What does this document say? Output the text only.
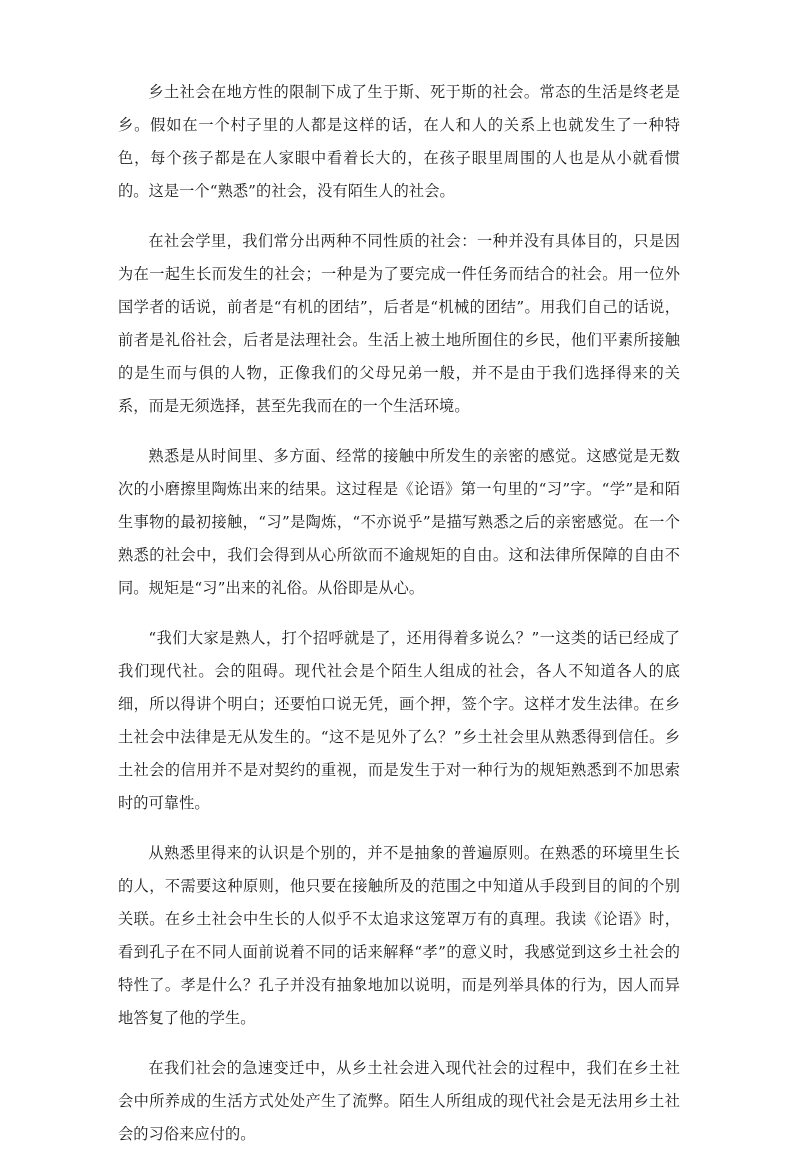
乡土社会在地方性的限制下成了生于斯、死于斯的社会。常态的生活是终老是乡。假如在一个村子里的人都是这样的话，在人和人的关系上也就发生了一种特色，每个孩子都是在人家眼中看着长大的，在孩子眼里周围的人也是从小就看惯的。这是一个“熟悉”的社会，没有陌生人的社会。

在社会学里，我们常分出两种不同性质的社会：一种并没有具体目的，只是因为在一起生长而发生的社会；一种是为了要完成一件任务而结合的社会。用一位外国学者的话说，前者是“有机的团结”，后者是“机械的团结”。用我们自己的话说，前者是礼俗社会，后者是法理社会。生活上被土地所囿住的乡民，他们平素所接触的是生而与俱的人物，正像我们的父母兄弟一般，并不是由于我们选择得来的关系，而是无须选择，甚至先我而在的一个生活环境。

熟悉是从时间里、多方面、经常的接触中所发生的亲密的感觉。这感觉是无数次的小磨擦里陶炼出来的结果。这过程是《论语》第一句里的“习”字。“学”是和陌生事物的最初接触，“习”是陶炼，“不亦说乎”是描写熟悉之后的亲密感觉。在一个熟悉的社会中，我们会得到从心所欲而不逾规矩的自由。这和法律所保障的自由不同。规矩是“习”出来的礼俗。从俗即是从心。

“我们大家是熟人，打个招呼就是了，还用得着多说么？”一这类的话已经成了我们现代社。会的阻碍。现代社会是个陌生人组成的社会，各人不知道各人的底细，所以得讲个明白；还要怕口说无凭，画个押，签个字。这样才发生法律。在乡土社会中法律是无从发生的。“这不是见外了么？”乡土社会里从熟悉得到信任。乡土社会的信用并不是对契约的重视，而是发生于对一种行为的规矩熟悉到不加思索时的可靠性。

从熟悉里得来的认识是个别的，并不是抽象的普遍原则。在熟悉的环境里生长的人，不需要这种原则，他只要在接触所及的范围之中知道从手段到目的间的个别关联。在乡土社会中生长的人似乎不太追求这笼罩万有的真理。我读《论语》时，看到孔子在不同人面前说着不同的话来解释“孝”的意义时，我感觉到这乡土社会的特性了。孝是什么？孔子并没有抽象地加以说明，而是列举具体的行为，因人而异地答复了他的学生。

在我们社会的急速变迁中，从乡土社会进入现代社会的过程中，我们在乡土社会中所养成的生活方式处处产生了流弊。陌生人所组成的现代社会是无法用乡土社会的习俗来应付的。
